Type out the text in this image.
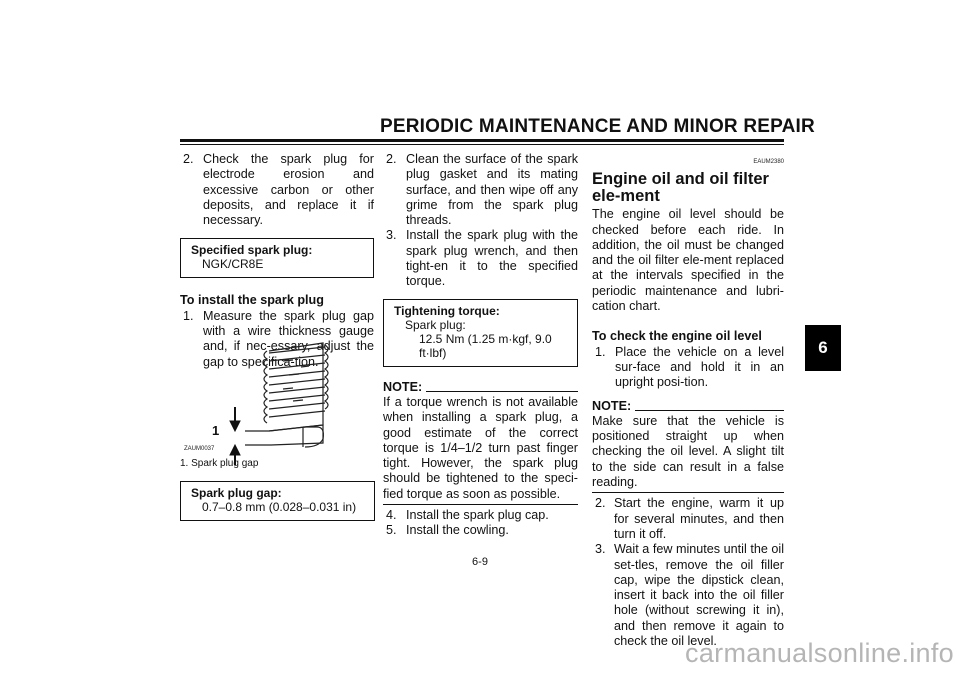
PERIODIC MAINTENANCE AND MINOR REPAIR
6

2. Check the spark plug for electrode erosion and excessive carbon or other deposits, and replace it if necessary.

Specified spark plug:
NGK/CR8E

To install the spark plug

1. Measure the spark plug gap with a wire thickness gauge and, if nec-essary, adjust the gap to specifica-tion.

1
ZAUM0037
1. Spark plug gap
Spark plug gap:
0.7–0.8 mm (0.028–0.031 in)

2. Clean the surface of the spark plug gasket and its mating surface, and then wipe off any grime from the spark plug threads.

3. Install the spark plug with the spark plug wrench, and then tight-en it to the specified torque.

Tightening torque:
Spark plug:
12.5 Nm (1.25 m·kgf, 9.0 ft·lbf)
NOTE:

If a torque wrench is not available when installing a spark plug, a good estimate of the correct torque is 1/4–1/2 turn past finger tight. However, the spark plug should be tightened to the speci-fied torque as soon as possible.

4. Install the spark plug cap.

5. Install the cowling.

EAUM2380

Engine oil and oil filter ele-ment

The engine oil level should be checked before each ride. In addition, the oil must be changed and the oil filter ele-ment replaced at the intervals specified in the periodic maintenance and lubri-cation chart.

To check the engine oil level

1. Place the vehicle on a level sur-face and hold it in an upright posi-tion.

NOTE:

Make sure that the vehicle is positioned straight up when checking the oil level. A slight tilt to the side can result in a false reading.

2. Start the engine, warm it up for several minutes, and then turn it off.

3. Wait a few minutes until the oil set-tles, remove the oil filler cap, wipe the dipstick clean, insert it back into the oil filler hole (without screwing it in), and then remove it again to check the oil level.

6-9
carmanualsonline.info
